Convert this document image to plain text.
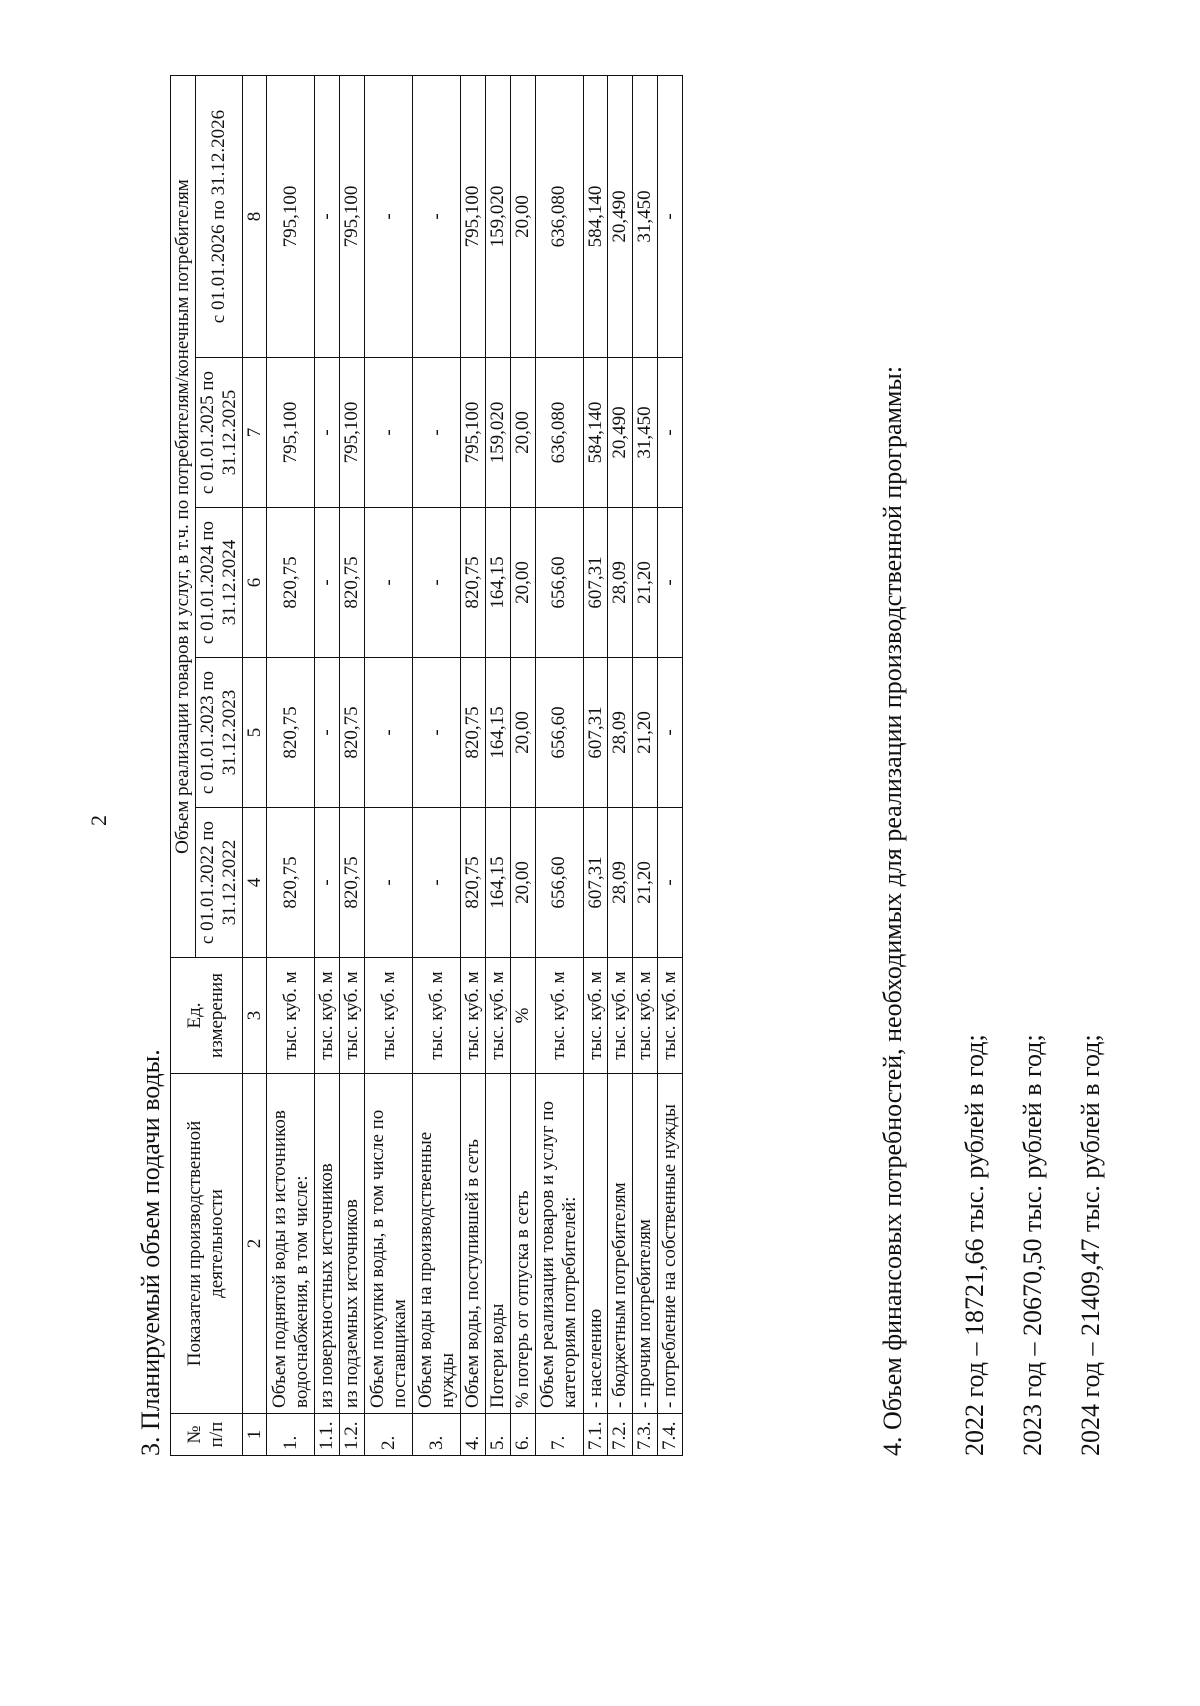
2
3. Планируемый объем подачи воды. № п/п	Показатели производственной деятельности	Ед. измерения	Объем реализации товаров и услуг, в т.ч. по потребителям/конечным потребителям				
			с 01.01.2022 по 31.12.2022	с 01.01.2023 по 31.12.2023	с 01.01.2024 по 31.12.2024	с 01.01.2025 по 31.12.2025	с 01.01.2026 по 31.12.2026
1	2	3	4	5	6	7	8
1.	Объем поднятой воды из источников водоснабжения, в том числе:	тыс. куб. м	820,75	820,75	820,75	795,100	795,100
1.1.	из поверхностных источников	тыс. куб. м	-	-	-	-	-
1.2.	из подземных источников	тыс. куб. м	820,75	820,75	820,75	795,100	795,100
2.	Объем покупки воды, в том числе по поставщикам	тыс. куб. м	-	-	-	-	-
3.	Объем воды на производственные нужды	тыс. куб. м	-	-	-	-	-
4.	Объем воды, поступившей в сеть	тыс. куб. м	820,75	820,75	820,75	795,100	795,100
5.	Потери воды	тыс. куб. м	164,15	164,15	164,15	159,020	159,020
6.	% потерь от отпуска в сеть	%	20,00	20,00	20,00	20,00	20,00
7.	Объем реализации товаров и услуг по категориям потребителей:	тыс. куб. м	656,60	656,60	656,60	636,080	636,080
7.1.	- населению	тыс. куб. м	607,31	607,31	607,31	584,140	584,140
7.2.	- бюджетным потребителям	тыс. куб. м	28,09	28,09	28,09	20,490	20,490
7.3.	- прочим потребителям	тыс. куб. м	21,20	21,20	21,20	31,450	31,450
7.4.	- потребление на собственные нужды	тыс. куб. м	-	-	-	-	-
4. Объем финансовых потребностей, необходимых для реализации производственной программы: 2022 год – 18721,66 тыс. рублей в год; 2023 год – 20670,50 тыс. рублей в год; 2024 год – 21409,47 тыс. рублей в год;
